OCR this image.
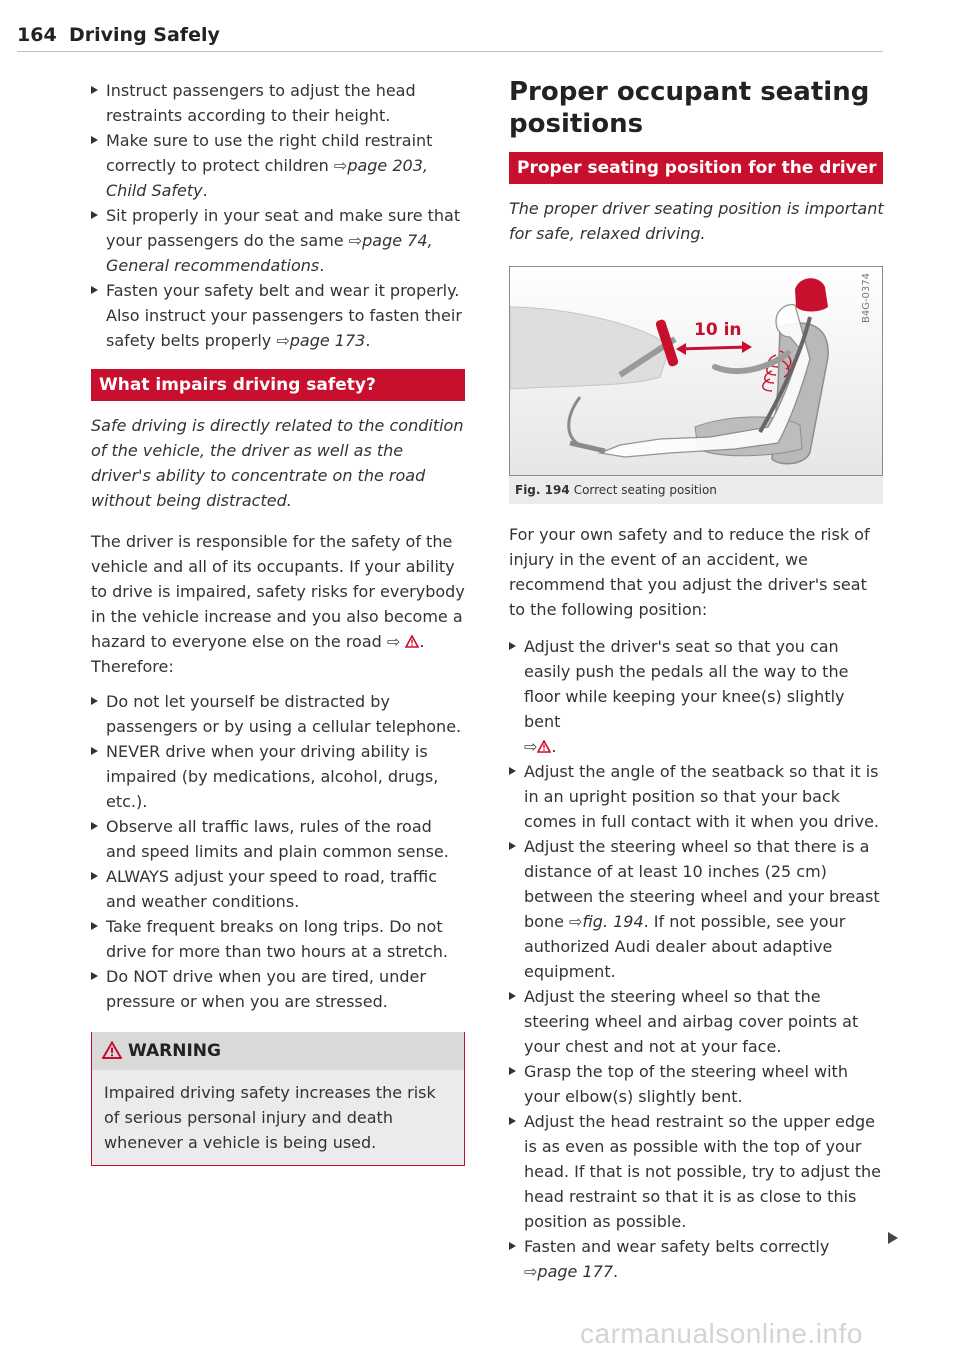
164 Driving Safely
Instruct passengers to adjust the head restraints according to their height.
Make sure to use the right child restraint correctly to protect children ⇨page 203, Child Safety.
Sit properly in your seat and make sure that your passengers do the same ⇨page 74, General recommendations.
Fasten your safety belt and wear it properly. Also instruct your passengers to fasten their safety belts properly ⇨page 173.
What impairs driving safety?

Safe driving is directly related to the condition of the vehicle, the driver as well as the driver's ability to concentrate on the road without being distracted.

The driver is responsible for the safety of the vehicle and all of its occupants. If your ability to drive is impaired, safety risks for everybody in the vehicle increase and you also become a hazard to everyone else on the road ⇨ .
Therefore:

Do not let yourself be distracted by passengers or by using a cellular telephone.
NEVER drive when your driving ability is impaired (by medications, alcohol, drugs, etc.).
Observe all traffic laws, rules of the road and speed limits and plain common sense.
ALWAYS adjust your speed to road, traffic and weather conditions.
Take frequent breaks on long trips. Do not drive for more than two hours at a stretch.
Do NOT drive when you are tired, under pressure or when you are stressed.
WARNING
Impaired driving safety increases the risk of serious personal injury and death whenever a vehicle is being used.
Proper occupant seating positions
Proper seating position for the driver

The proper driver seating position is important for safe, relaxed driving.

10 in
B4G-0374
Fig. 194 Correct seating position

For your own safety and to reduce the risk of injury in the event of an accident, we recommend that you adjust the driver's seat to the following position:

Adjust the driver's seat so that you can easily push the pedals all the way to the floor while keeping your knee(s) slightly bent
⇨ .
Adjust the angle of the seatback so that it is in an upright position so that your back comes in full contact with it when you drive.
Adjust the steering wheel so that there is a distance of at least 10 inches (25 cm) between the steering wheel and your breast bone ⇨fig. 194. If not possible, see your authorized Audi dealer about adaptive equipment.
Adjust the steering wheel so that the steering wheel and airbag cover points at your chest and not at your face.
Grasp the top of the steering wheel with your elbow(s) slightly bent.
Adjust the head restraint so the upper edge is as even as possible with the top of your head. If that is not possible, try to adjust the head restraint so that it is as close to this position as possible.
Fasten and wear safety belts correctly
⇨page 177.
carmanualsonline.info
